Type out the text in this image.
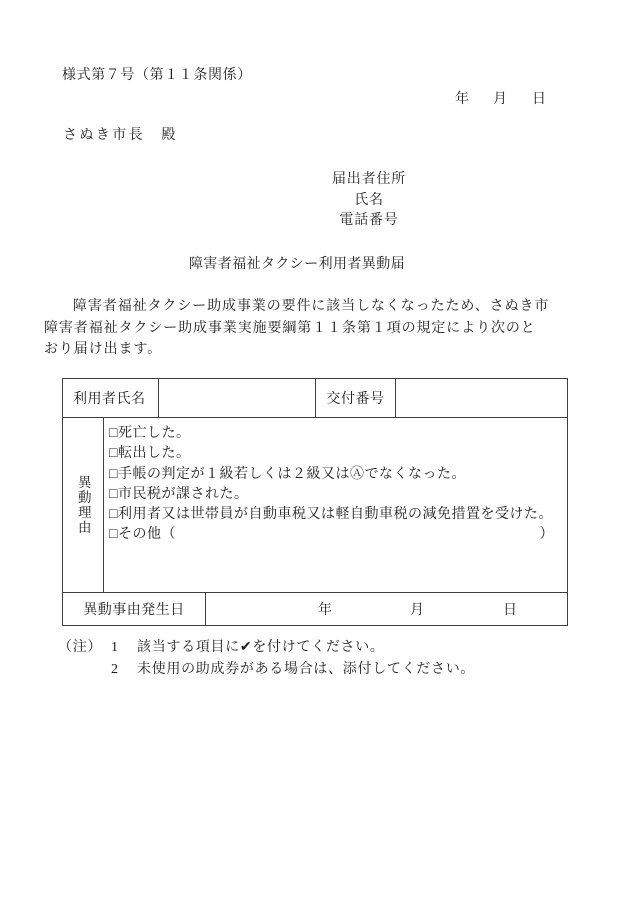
様式第７号（第１１条関係）
年 月 日
さぬき市長　殿
届出者住所
氏名
電話番号
障害者福祉タクシー利用者異動届
障害者福祉タクシー助成事業の要件に該当しなくなったため、さぬき市
障害者福祉タクシー助成事業実施要綱第１１条第１項の規定により次のと
おり届け出ます。
利用者氏名	交付番号
異動理由
□死亡した。
□転出した。
□手帳の判定が１級若しくは２級又はⒶでなくなった。
□市民税が課された。
□利用者又は世帯員が自動車税又は軽自動車税の減免措置を受けた。
□ その他（	）
異動事由発生日	年	月	日
（注） 1	該当する項目に✔を付けてください。
2	未使用の助成券がある場合は、添付してください。
